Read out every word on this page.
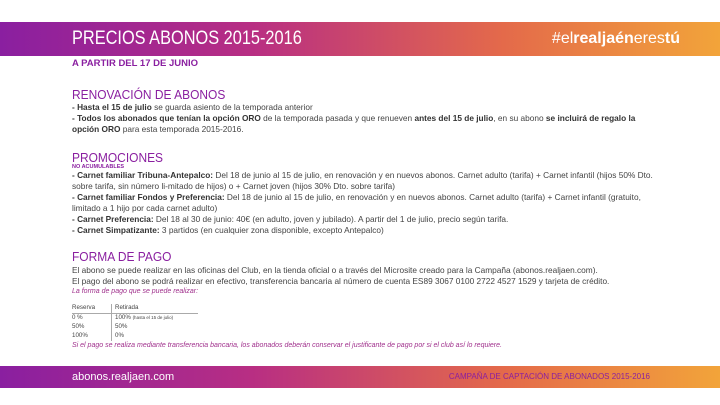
PRECIOS ABONOS 2015-2016	#elrealjaénerestú
A PARTIR DEL 17 DE JUNIO
RENOVACIÓN DE ABONOS
- Hasta el 15 de julio se guarda asiento de la temporada anterior
- Todos los abonados que tenían la opción ORO de la temporada pasada y que renueven antes del 15 de julio, en su abono se incluirá de regalo la opción ORO para esta temporada 2015-2016.
PROMOCIONES
NO ACUMULABLES
- Carnet familiar Tribuna-Antepalco: Del 18 de junio al 15 de julio, en renovación y en nuevos abonos. Carnet adulto (tarifa) + Carnet infantil (hijos 50% Dto. sobre tarifa, sin número li-mitado de hijos) o + Carnet joven (hijos 30% Dto. sobre tarifa)
- Carnet familiar Fondos y Preferencia: Del 18 de junio al 15 de julio, en renovación y en nuevos abonos. Carnet adulto (tarifa) + Carnet infantil (gratuito, limitado a 1 hijo por cada carnet adulto)
- Carnet Preferencia: Del 18 al 30 de junio: 40€ (en adulto, joven y jubilado). A partir del 1 de julio, precio según tarifa.
- Carnet Simpatizante: 3 partidos (en cualquier zona disponible, excepto Antepalco)
FORMA DE PAGO
El abono se puede realizar en las oficinas del Club, en la tienda oficial o a través del Microsite creado para la Campaña (abonos.realjaen.com).
El pago del abono se podrá realizar en efectivo, transferencia bancaria al número de cuenta ES89 3067 0100 2722 4527 1529 y tarjeta de crédito.
La forma de pago que se puede realizar:
Reserva	Retirada
0 %	100% (hasta el 15 de julio)
50%	50%
100%	0%
Si el pago se realiza mediante transferencia bancaria, los abonados deberán conservar el justificante de pago por si el club así lo requiere.
abonos.realjaen.com	CAMPAÑA DE CAPTACIÓN DE ABONADOS 2015-2016
